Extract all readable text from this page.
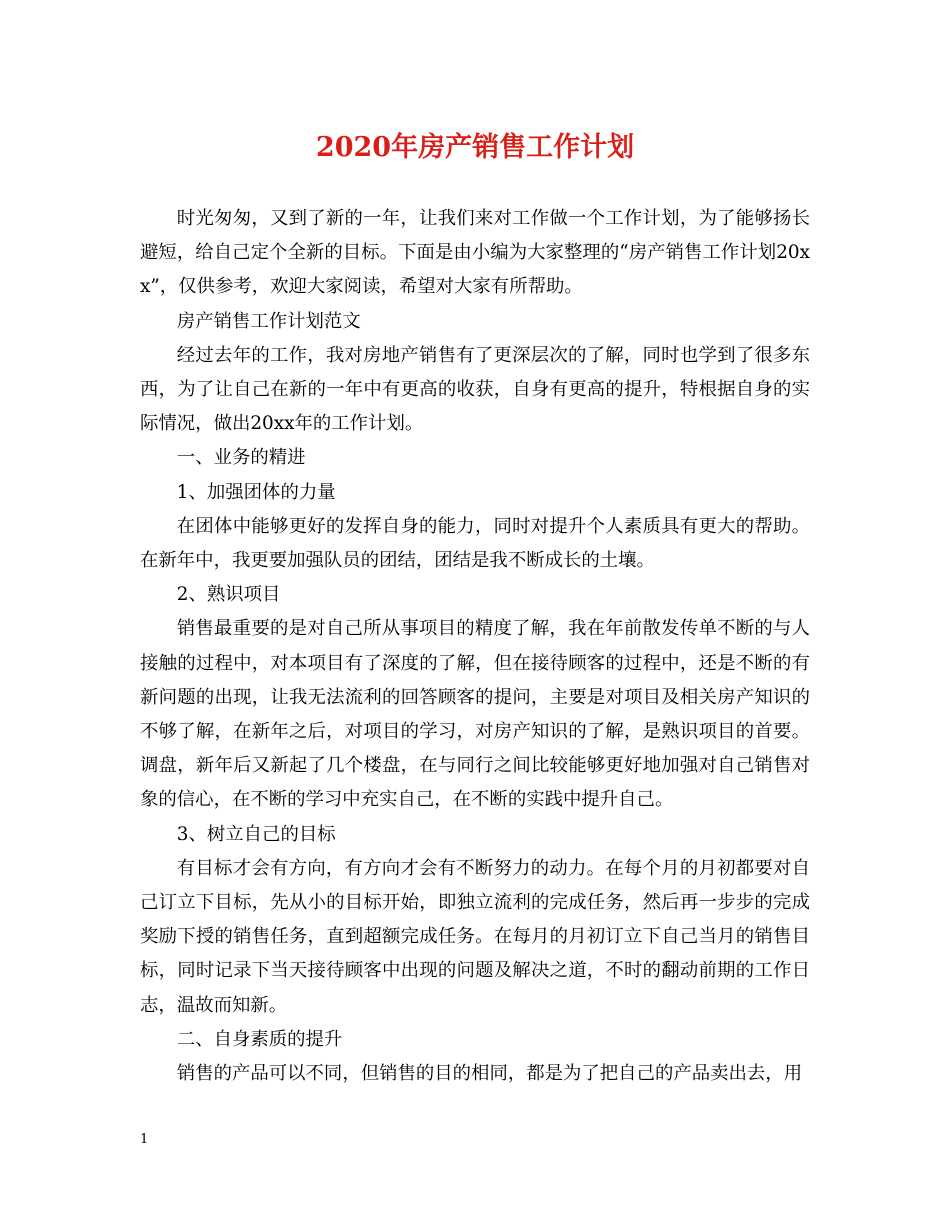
2020年房产销售工作计划

时光匆匆，又到了新的一年，让我们来对工作做一个工作计划，为了能够扬长避短，给自己定个全新的目标。下面是由小编为大家整理的“房产销售工作计划20xx”，仅供参考，欢迎大家阅读，希望对大家有所帮助。

房产销售工作计划范文

经过去年的工作，我对房地产销售有了更深层次的了解，同时也学到了很多东西，为了让自己在新的一年中有更高的收获，自身有更高的提升，特根据自身的实际情况，做出20xx年的工作计划。

一、业务的精进

1、加强团体的力量

在团体中能够更好的发挥自身的能力，同时对提升个人素质具有更大的帮助。在新年中，我更要加强队员的团结，团结是我不断成长的土壤。

2、熟识项目

销售最重要的是对自己所从事项目的精度了解，我在年前散发传单不断的与人接触的过程中，对本项目有了深度的了解，但在接待顾客的过程中，还是不断的有新问题的出现，让我无法流利的回答顾客的提问，主要是对项目及相关房产知识的不够了解，在新年之后，对项目的学习，对房产知识的了解，是熟识项目的首要。调盘，新年后又新起了几个楼盘，在与同行之间比较能够更好地加强对自己销售对象的信心，在不断的学习中充实自己，在不断的实践中提升自己。

3、树立自己的目标

有目标才会有方向，有方向才会有不断努力的动力。在每个月的月初都要对自己订立下目标，先从小的目标开始，即独立流利的完成任务，然后再一步步的完成奖励下授的销售任务，直到超额完成任务。在每月的月初订立下自己当月的销售目标，同时记录下当天接待顾客中出现的问题及解决之道，不时的翻动前期的工作日志，温故而知新。

二、自身素质的提升

销售的产品可以不同，但销售的目的相同，都是为了把自己的产品卖出去，用

1
